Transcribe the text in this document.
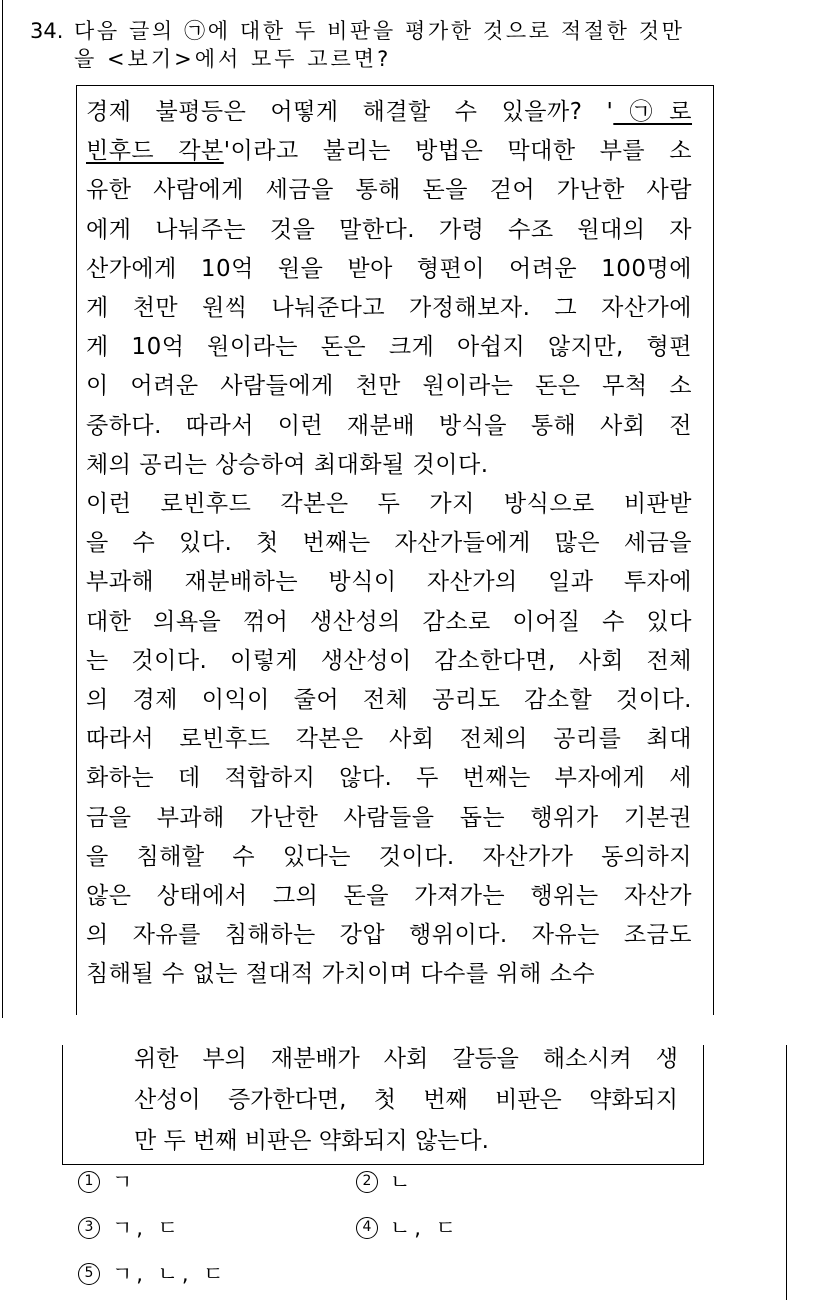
34. 다음 글의 ㉠에 대한 두 비판을 평가한 것으로 적절한 것만
을 <보기>에서 모두 고르면?
경제 불평등은 어떻게 해결할 수 있을까? '㉠로
빈후드 각본'이라고 불리는 방법은 막대한 부를 소
유한 사람에게 세금을 통해 돈을 걷어 가난한 사람
에게 나눠주는 것을 말한다. 가령 수조 원대의 자
산가에게 10억 원을 받아 형편이 어려운 100명에
게 천만 원씩 나눠준다고 가정해보자. 그 자산가에
게 10억 원이라는 돈은 크게 아쉽지 않지만, 형편
이 어려운 사람들에게 천만 원이라는 돈은 무척 소
중하다. 따라서 이런 재분배 방식을 통해 사회 전
체의 공리는 상승하여 최대화될 것이다.
이런 로빈후드 각본은 두 가지 방식으로 비판받
을 수 있다. 첫 번째는 자산가들에게 많은 세금을
부과해 재분배하는 방식이 자산가의 일과 투자에
대한 의욕을 꺾어 생산성의 감소로 이어질 수 있다
는 것이다. 이렇게 생산성이 감소한다면, 사회 전체
의 경제 이익이 줄어 전체 공리도 감소할 것이다.
따라서 로빈후드 각본은 사회 전체의 공리를 최대
화하는 데 적합하지 않다. 두 번째는 부자에게 세
금을 부과해 가난한 사람들을 돕는 행위가 기본권
을 침해할 수 있다는 것이다. 자산가가 동의하지
않은 상태에서 그의 돈을 가져가는 행위는 자산가
의 자유를 침해하는 강압 행위이다. 자유는 조금도
침해될 수 없는 절대적 가치이며 다수를 위해 소수
위한 부의 재분배가 사회 갈등을 해소시켜 생
산성이 증가한다면, 첫 번째 비판은 약화되지
만 두 번째 비판은 약화되지 않는다.
1 ㄱ	2 ㄴ
3 ㄱ, ㄷ	4 ㄴ, ㄷ
5 ㄱ, ㄴ, ㄷ
